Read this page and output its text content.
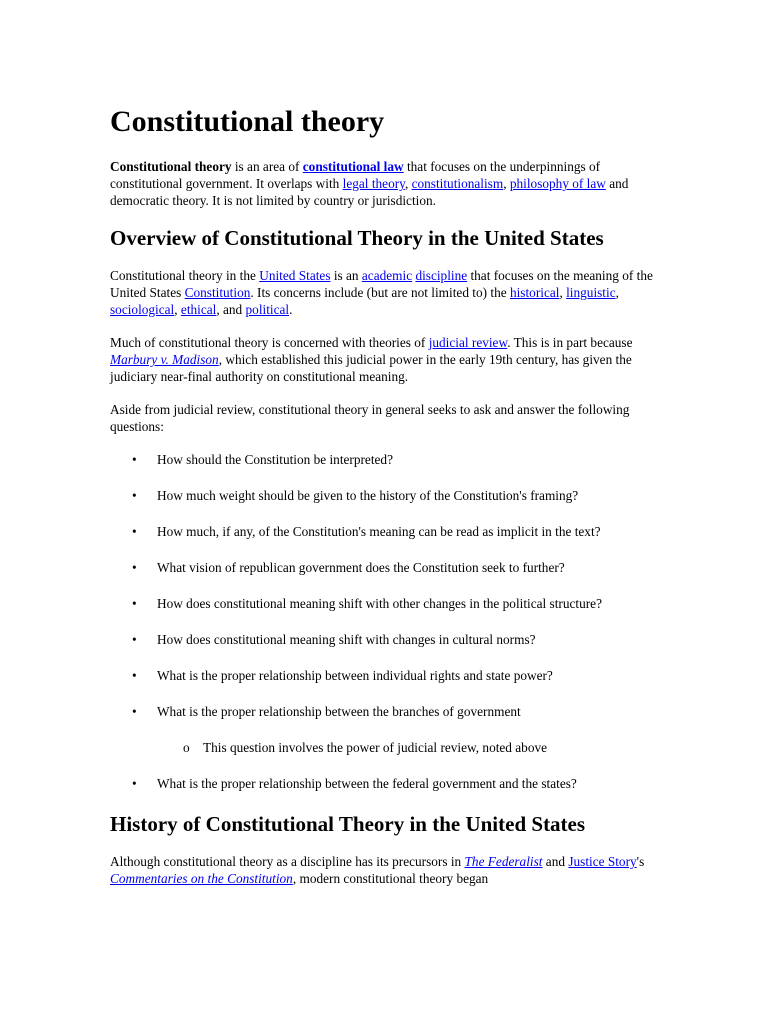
Constitutional theory

Constitutional theory is an area of constitutional law that focuses on the underpinnings of constitutional government. It overlaps with legal theory, constitutionalism, philosophy of law and democratic theory. It is not limited by country or jurisdiction.

Overview of Constitutional Theory in the United States

Constitutional theory in the United States is an academic discipline that focuses on the meaning of the United States Constitution. Its concerns include (but are not limited to) the historical, linguistic, sociological, ethical, and political.

Much of constitutional theory is concerned with theories of judicial review. This is in part because Marbury v. Madison, which established this judicial power in the early 19th century, has given the judiciary near-final authority on constitutional meaning.

Aside from judicial review, constitutional theory in general seeks to ask and answer the following questions:

• How should the Constitution be interpreted?
• How much weight should be given to the history of the Constitution's framing?
• How much, if any, of the Constitution's meaning can be read as implicit in the text?
• What vision of republican government does the Constitution seek to further?
• How does constitutional meaning shift with other changes in the political structure?
• How does constitutional meaning shift with changes in cultural norms?
• What is the proper relationship between individual rights and state power?
• What is the proper relationship between the branches of government
o This question involves the power of judicial review, noted above
• What is the proper relationship between the federal government and the states?
History of Constitutional Theory in the United States

Although constitutional theory as a discipline has its precursors in The Federalist and Justice Story's Commentaries on the Constitution, modern constitutional theory began
